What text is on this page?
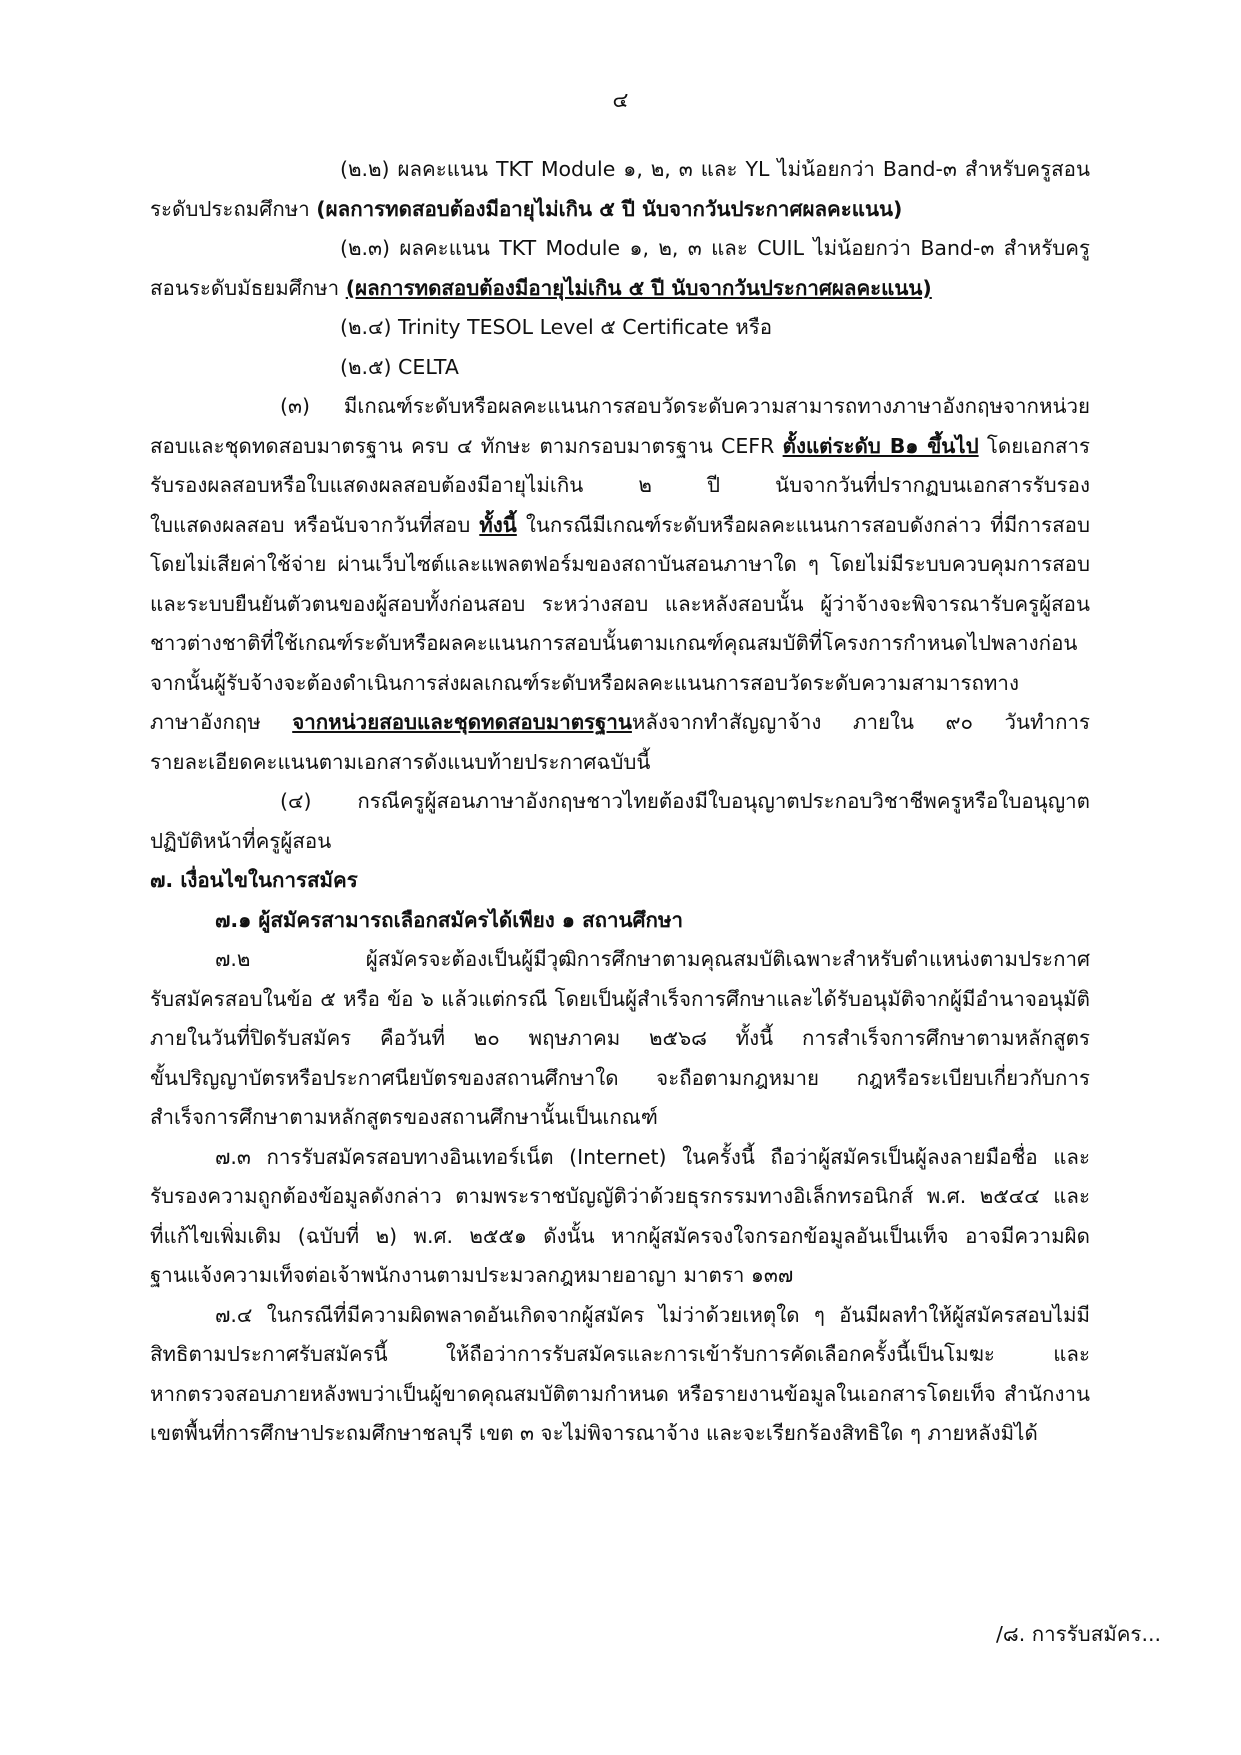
๔
(๒.๒) ผลคะแนน TKT Module ๑, ๒, ๓ และ YL ไม่น้อยกว่า Band-๓ สำหรับครูสอน
ระดับประถมศึกษา (ผลการทดสอบต้องมีอายุไม่เกิน ๕ ปี นับจากวันประกาศผลคะแนน)
(๒.๓) ผลคะแนน TKT Module ๑, ๒, ๓ และ CUIL ไม่น้อยกว่า Band-๓ สำหรับครู
สอนระดับมัธยมศึกษา (ผลการทดสอบต้องมีอายุไม่เกิน ๕ ปี นับจากวันประกาศผลคะแนน)
(๒.๔) Trinity TESOL Level ๕ Certificate หรือ
(๒.๕) CELTA
(๓) มีเกณฑ์ระดับหรือผลคะแนนการสอบวัดระดับความสามารถทางภาษาอังกฤษจากหน่วย
สอบและชุดทดสอบมาตรฐาน ครบ ๔ ทักษะ ตามกรอบมาตรฐาน CEFR ตั้งแต่ระดับ B๑ ขึ้นไป โดยเอกสาร
รับรองผลสอบหรือใบแสดงผลสอบต้องมีอายุไม่เกิน ๒ ปี นับจากวันที่ปรากฏบนเอกสารรับรอง
ใบแสดงผลสอบ หรือนับจากวันที่สอบ ทั้งนี้ ในกรณีมีเกณฑ์ระดับหรือผลคะแนนการสอบดังกล่าว ที่มีการสอบ
โดยไม่เสียค่าใช้จ่าย ผ่านเว็บไซต์และแพลตฟอร์มของสถาบันสอนภาษาใด ๆ โดยไม่มีระบบควบคุมการสอบ
และระบบยืนยันตัวตนของผู้สอบทั้งก่อนสอบ ระหว่างสอบ และหลังสอบนั้น ผู้ว่าจ้างจะพิจารณารับครูผู้สอน
ชาวต่างชาติที่ใช้เกณฑ์ระดับหรือผลคะแนนการสอบนั้นตามเกณฑ์คุณสมบัติที่โครงการกำหนดไปพลางก่อน
จากนั้นผู้รับจ้างจะต้องดำเนินการส่งผลเกณฑ์ระดับหรือผลคะแนนการสอบวัดระดับความสามารถทาง
ภาษาอังกฤษ จากหน่วยสอบและชุดทดสอบมาตรฐานหลังจากทำสัญญาจ้าง ภายใน ๙๐ วันทำการ
รายละเอียดคะแนนตามเอกสารดังแนบท้ายประกาศฉบับนี้
(๔) กรณีครูผู้สอนภาษาอังกฤษชาวไทยต้องมีใบอนุญาตประกอบวิชาชีพครูหรือใบอนุญาต
ปฏิบัติหน้าที่ครูผู้สอน
๗. เงื่อนไขในการสมัคร
๗.๑ ผู้สมัครสามารถเลือกสมัครได้เพียง ๑ สถานศึกษา
๗.๒ ผู้สมัครจะต้องเป็นผู้มีวุฒิการศึกษาตามคุณสมบัติเฉพาะสำหรับตำแหน่งตามประกาศ
รับสมัครสอบในข้อ ๕ หรือ ข้อ ๖ แล้วแต่กรณี โดยเป็นผู้สำเร็จการศึกษาและได้รับอนุมัติจากผู้มีอำนาจอนุมัติ
ภายในวันที่ปิดรับสมัคร คือวันที่ ๒๐ พฤษภาคม ๒๕๖๘ ทั้งนี้ การสำเร็จการศึกษาตามหลักสูตร
ขั้นปริญญาบัตรหรือประกาศนียบัตรของสถานศึกษาใด จะถือตามกฎหมาย กฎหรือระเบียบเกี่ยวกับการ
สำเร็จการศึกษาตามหลักสูตรของสถานศึกษานั้นเป็นเกณฑ์
๗.๓ การรับสมัครสอบทางอินเทอร์เน็ต (Internet) ในครั้งนี้ ถือว่าผู้สมัครเป็นผู้ลงลายมือชื่อ และ
รับรองความถูกต้องข้อมูลดังกล่าว ตามพระราชบัญญัติว่าด้วยธุรกรรมทางอิเล็กทรอนิกส์ พ.ศ. ๒๕๔๔ และ
ที่แก้ไขเพิ่มเติม (ฉบับที่ ๒) พ.ศ. ๒๕๕๑ ดังนั้น หากผู้สมัครจงใจกรอกข้อมูลอันเป็นเท็จ อาจมีความผิด
ฐานแจ้งความเท็จต่อเจ้าพนักงานตามประมวลกฎหมายอาญา มาตรา ๑๓๗
๗.๔ ในกรณีที่มีความผิดพลาดอันเกิดจากผู้สมัคร ไม่ว่าด้วยเหตุใด ๆ อันมีผลทำให้ผู้สมัครสอบไม่มี
สิทธิตามประกาศรับสมัครนี้ ให้ถือว่าการรับสมัครและการเข้ารับการคัดเลือกครั้งนี้เป็นโมฆะ และ
หากตรวจสอบภายหลังพบว่าเป็นผู้ขาดคุณสมบัติตามกำหนด หรือรายงานข้อมูลในเอกสารโดยเท็จ สำนักงาน
เขตพื้นที่การศึกษาประถมศึกษาชลบุรี เขต ๓ จะไม่พิจารณาจ้าง และจะเรียกร้องสิทธิใด ๆ ภายหลังมิได้
/๘. การรับสมัคร...
